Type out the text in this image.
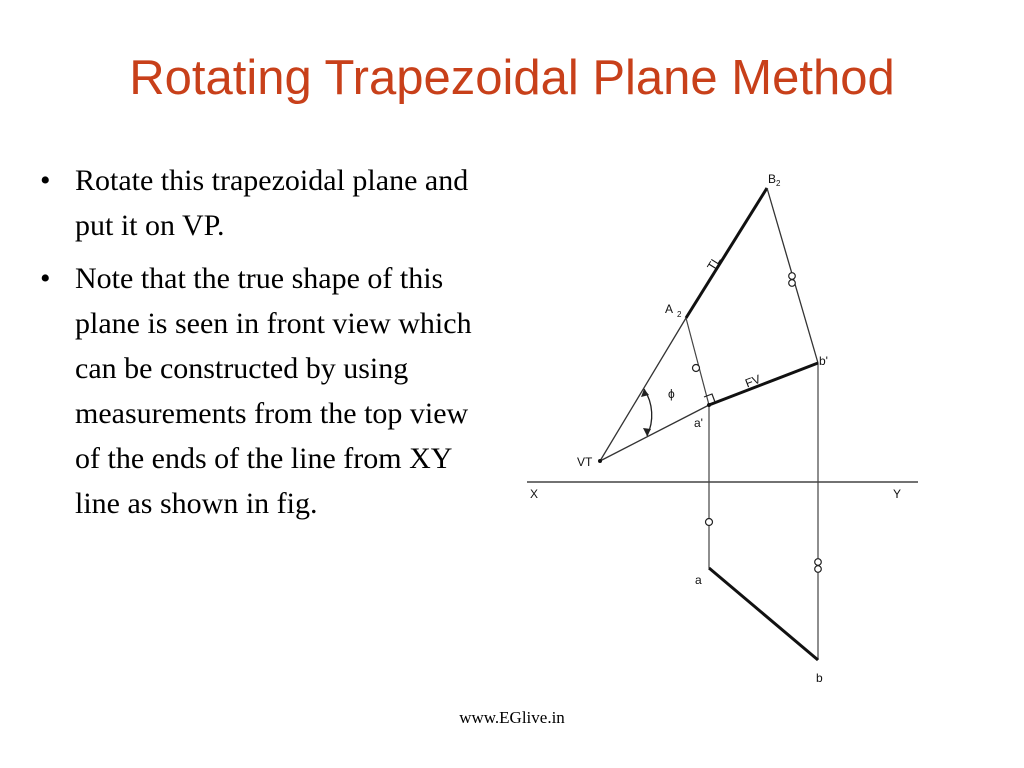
Rotating Trapezoidal Plane Method
• Rotate this trapezoidal plane and put it on VP.
• Note that the true shape of this plane is seen in front view which can be constructed by using measurements from the top view of the ends of the line from XY line as shown in fig.
$B_2$
A $_2$
TL
FV
ϕ
b'
a'
VT
X	Y
a
b
www.EGlive.in
